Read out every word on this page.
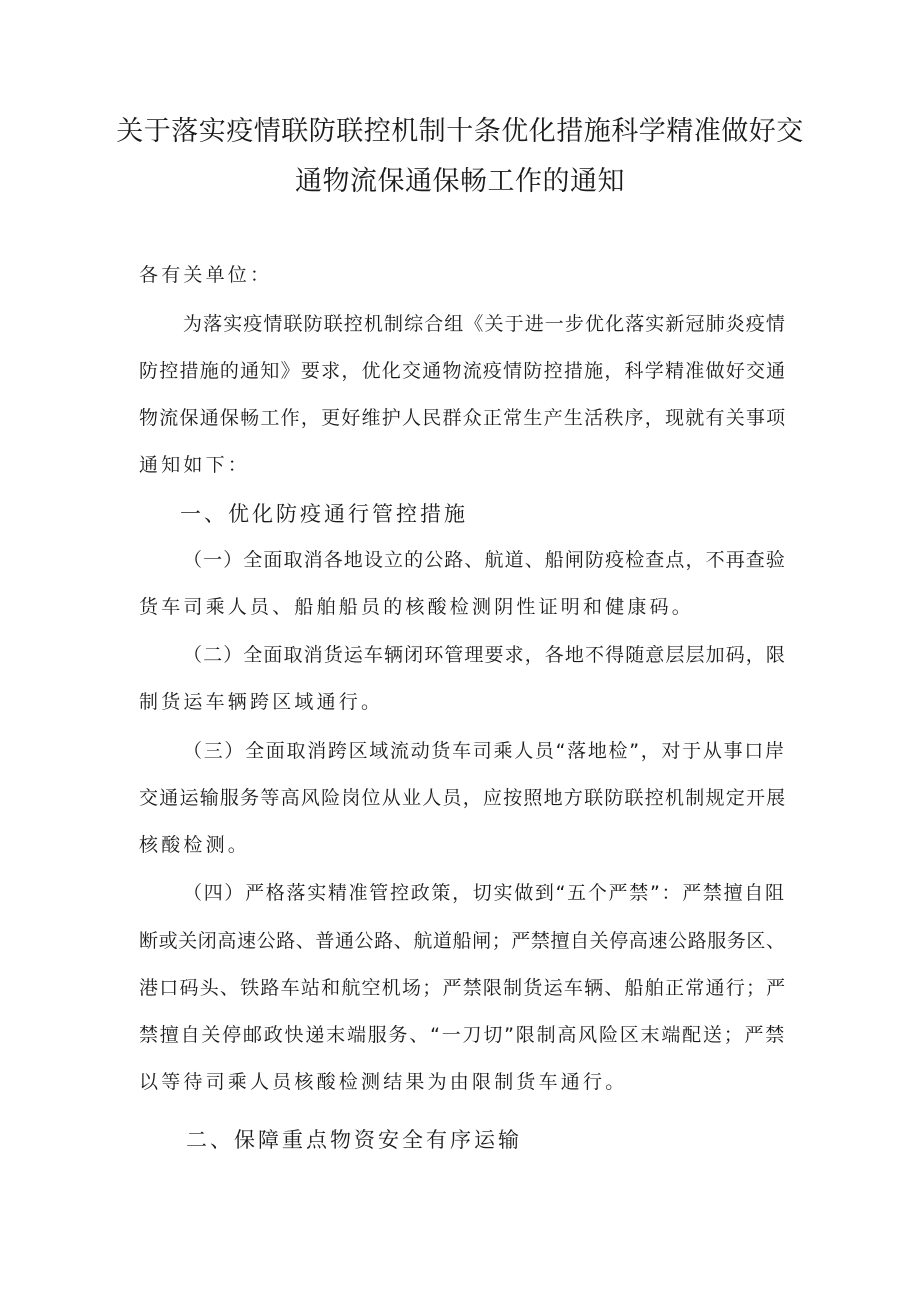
关于落实疫情联防联控机制十条优化措施科学精准做好交
通物流保通保畅工作的通知
各有关单位：
为落实疫情联防联控机制综合组《关于进一步优化落实新冠肺炎疫情
防控措施的通知》要求，优化交通物流疫情防控措施，科学精准做好交通
物流保通保畅工作，更好维护人民群众正常生产生活秩序，现就有关事项
通知如下：
一、优化防疫通行管控措施
（一）全面取消各地设立的公路、航道、船闸防疫检查点，不再查验
货车司乘人员、船舶船员的核酸检测阴性证明和健康码。
（二）全面取消货运车辆闭环管理要求，各地不得随意层层加码，限
制货运车辆跨区域通行。
（三）全面取消跨区域流动货车司乘人员“落地检”，对于从事口岸
交通运输服务等高风险岗位从业人员，应按照地方联防联控机制规定开展
核酸检测。
（四）严格落实精准管控政策，切实做到“五个严禁”：严禁擅自阻
断或关闭高速公路、普通公路、航道船闸；严禁擅自关停高速公路服务区、
港口码头、铁路车站和航空机场；严禁限制货运车辆、船舶正常通行；严
禁擅自关停邮政快递末端服务、“一刀切”限制高风险区末端配送；严禁
以等待司乘人员核酸检测结果为由限制货车通行。
二、保障重点物资安全有序运输
